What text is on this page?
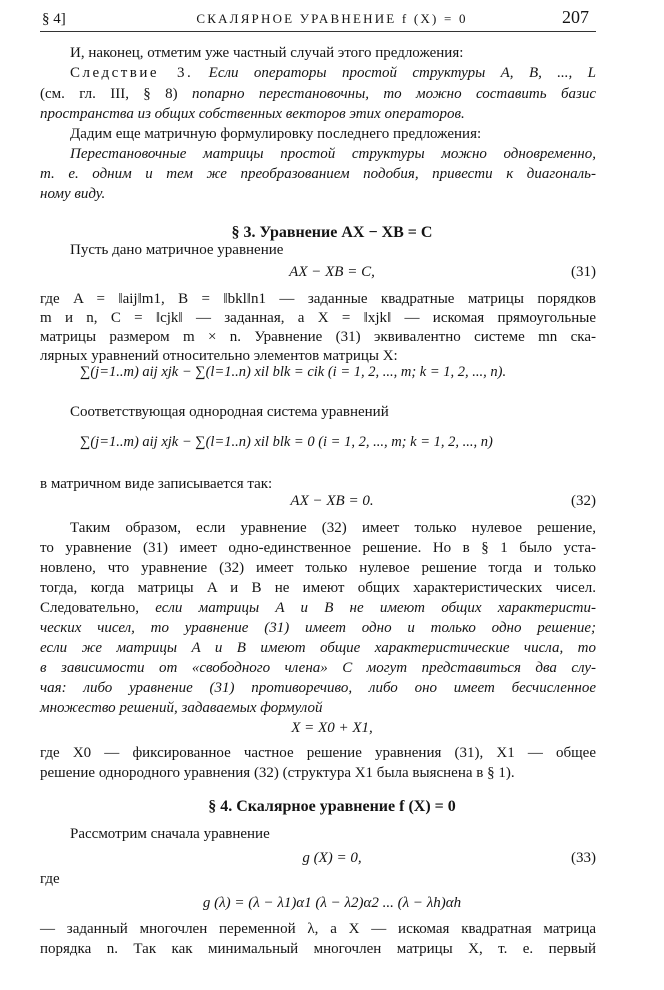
§ 4]	СКАЛЯРНОЕ УРАВНЕНИЕ f (X) = 0	207
И, наконец, отметим уже частный случай этого предложения:
Следствие 3. Если операторы простой структуры A, B, ..., L
(см. гл. III, § 8) попарно перестановочны, то можно составить базис
пространства из общих собственных векторов этих операторов.
Дадим еще матричную формулировку последнего предложения:
Перестановочные матрицы простой структуры можно одновременно,
т. е. одним и тем же преобразованием подобия, привести к диагональ-
ному виду.
§ 3. Уравнение AX − XB = C
Пусть дано матричное уравнение
AX − XB = C,	(31)
где A = ‖aij‖m1, B = ‖bkl‖n1 — заданные квадратные матрицы порядков
m и n, C = ‖cjk‖ — заданная, а X = ‖xjk‖ — искомая прямоугольные
матрицы размером m × n. Уравнение (31) эквивалентно системе mn ска-
лярных уравнений относительно элементов матрицы X:
∑(j=1..m) aij xjk − ∑(l=1..n) xil blk = cik (i = 1, 2, ..., m; k = 1, 2, ..., n).
Соответствующая однородная система уравнений
∑(j=1..m) aij xjk − ∑(l=1..n) xil blk = 0 (i = 1, 2, ..., m; k = 1, 2, ..., n)
в матричном виде записывается так:
AX − XB = 0.	(32)
Таким образом, если уравнение (32) имеет только нулевое решение,
то уравнение (31) имеет одно-единственное решение. Но в § 1 было уста-
новлено, что уравнение (32) имеет только нулевое решение тогда и только
тогда, когда матрицы A и B не имеют общих характеристических чисел.
Следовательно, если матрицы A и B не имеют общих характеристи-
ческих чисел, то уравнение (31) имеет одно и только одно решение;
если же матрицы A и B имеют общие характеристические числа, то
в зависимости от «свободного члена» C могут представиться два слу-
чая: либо уравнение (31) противоречиво, либо оно имеет бесчисленное
множество решений, задаваемых формулой
X = X0 + X1,
где X0 — фиксированное частное решение уравнения (31), X1 — общее
решение однородного уравнения (32) (структура X1 была выяснена в § 1).
§ 4. Скалярное уравнение f (X) = 0
Рассмотрим сначала уравнение
g (X) = 0,	(33)
где
g (λ) = (λ − λ1)α1 (λ − λ2)α2 ... (λ − λh)αh
— заданный многочлен переменной λ, а X — искомая квадратная матрица
порядка n. Так как минимальный многочлен матрицы X, т. е. первый
